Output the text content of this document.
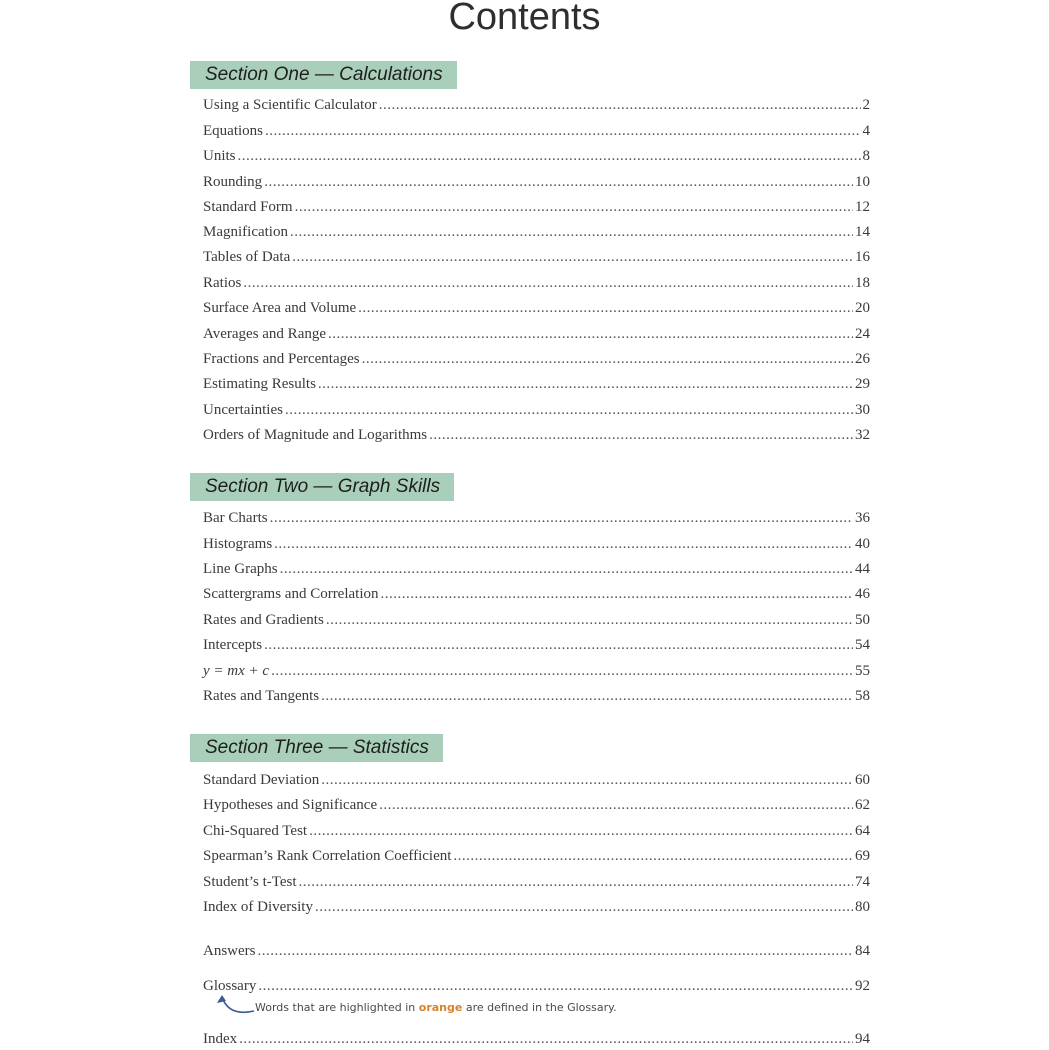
Contents
Section One — Calculations
Using a Scientific Calculator .....	2
Equations .....	4
Units .....	8
Rounding .....	10
Standard Form .....	12
Magnification .....	14
Tables of Data .....	16
Ratios .....	18
Surface Area and Volume .....	20
Averages and Range .....	24
Fractions and Percentages .....	26
Estimating Results .....	29
Uncertainties .....	30
Orders of Magnitude and Logarithms .....	32
Section Two — Graph Skills
Bar Charts .....	36
Histograms .....	40
Line Graphs .....	44
Scattergrams and Correlation .....	46
Rates and Gradients .....	50
Intercepts .....	54
y = mx + c .....	55
Rates and Tangents .....	58
Section Three — Statistics
Standard Deviation .....	60
Hypotheses and Significance .....	62
Chi-Squared Test .....	64
Spearman’s Rank Correlation Coefficient .....	69
Student’s t-Test .....	74
Index of Diversity .....	80
Answers .....	84
Glossary .....	92
Words that are highlighted in orange are defined in the Glossary.
Index .....	94
